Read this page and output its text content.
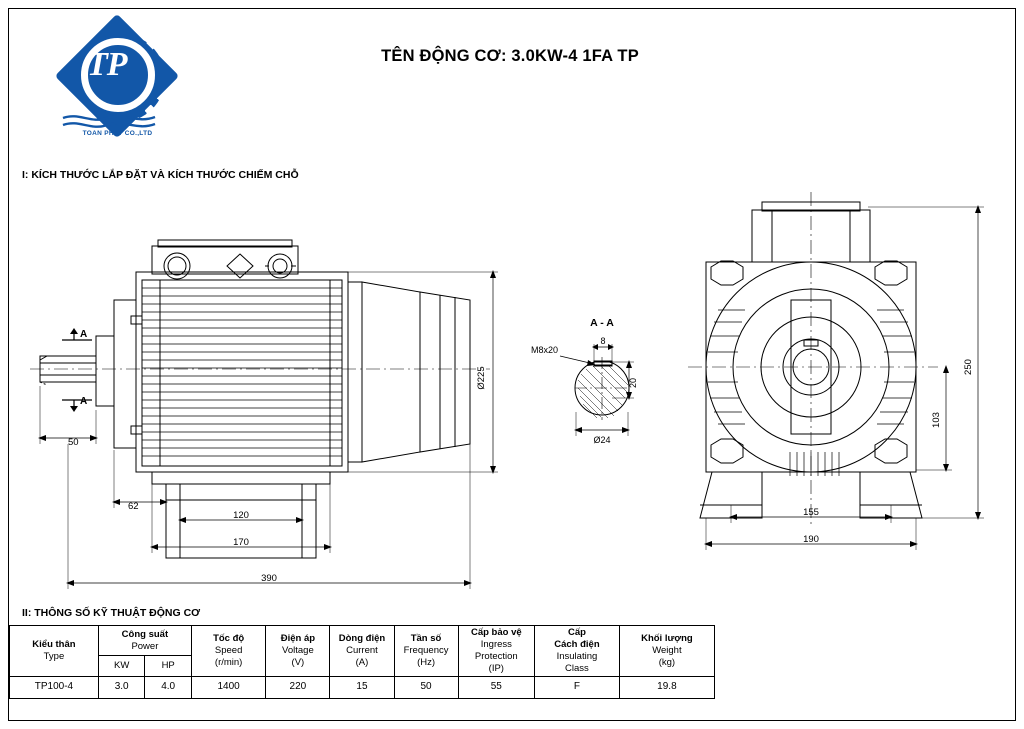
TP
TOAN PHAT CO.,LTD
TÊN ĐỘNG CƠ: 3.0KW-4 1FA TP
I: KÍCH THƯỚC LẮP ĐẶT VÀ KÍCH THƯỚC CHIẾM CHỖ
II: THÔNG SỐ KỸ THUẬT ĐỘNG CƠ
Ø225
50
62
120
170
390
155
190
250
103
A - A
M8x20
8
20
Ø24
A
A
Kiểu thân
Type

Công suất
Power

Tốc độ
Speed
(r/min)

Điện áp
Voltage
(V)

Dòng điện
Current
(A)

Tần số
Frequency
(Hz)

Cấp bảo vệ
Ingress Protection
(IP)

Cấp
Cách điện
Insulating
Class

Khối lượng
Weight
(kg)

	KW	HP							
TP100-4	3.0	4.0	1400	220	15	50	55	F	19.8
